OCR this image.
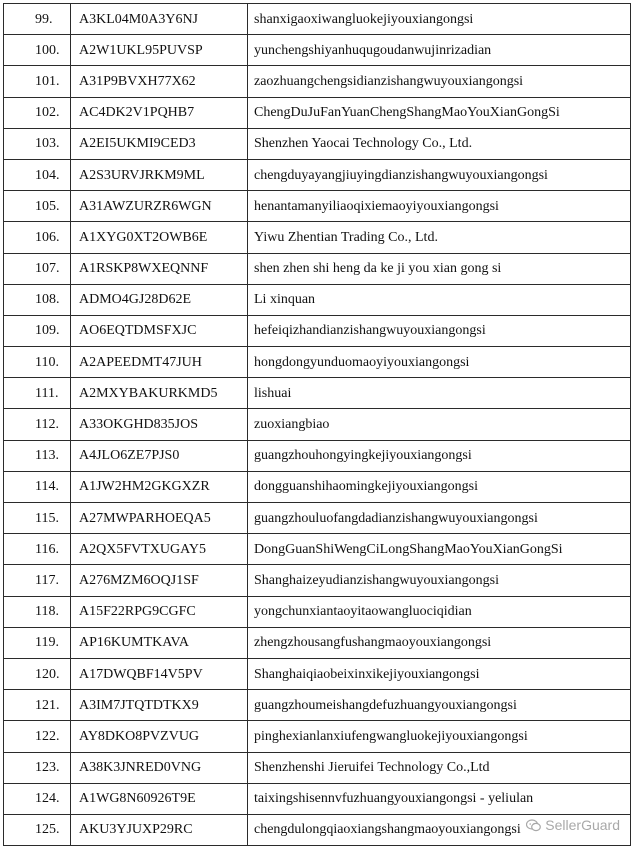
99.	A3KL04M0A3Y6NJ	shanxigaoxiwangluokejiyouxiangongsi
100.	A2W1UKL95PUVSP	yunchengshiyanhuqugoudanwujinrizadian
101.	A31P9BVXH77X62	zaozhuangchengsidianzishangwuyouxiangongsi
102.	AC4DK2V1PQHB7	ChengDuJuFanYuanChengShangMaoYouXianGongSi
103.	A2EI5UKMI9CED3	Shenzhen Yaocai Technology Co., Ltd.
104.	A2S3URVJRKM9ML	chengduyayangjiuyingdianzishangwuyouxiangongsi
105.	A31AWZURZR6WGN	henantamanyiliaoqixiemaoyiyouxiangongsi
106.	A1XYG0XT2OWB6E	Yiwu Zhentian Trading Co., Ltd.
107.	A1RSKP8WXEQNNF	shen zhen shi heng da ke ji you xian gong si
108.	ADMO4GJ28D62E	Li xinquan
109.	AO6EQTDMSFXJC	hefeiqizhandianzishangwuyouxiangongsi
110.	A2APEEDMT47JUH	hongdongyunduomaoyiyouxiangongsi
111.	A2MXYBAKURKMD5	lishuai
112.	A33OKGHD835JOS	zuoxiangbiao
113.	A4JLO6ZE7PJS0	guangzhouhongyingkejiyouxiangongsi
114.	A1JW2HM2GKGXZR	dongguanshihaomingkejiyouxiangongsi
115.	A27MWPARHOEQA5	guangzhouluofangdadianzishangwuyouxiangongsi
116.	A2QX5FVTXUGAY5	DongGuanShiWengCiLongShangMaoYouXianGongSi
117.	A276MZM6OQJ1SF	Shanghaizeyudianzishangwuyouxiangongsi
118.	A15F22RPG9CGFC	yongchunxiantaoyitaowangluociqidian
119.	AP16KUMTKAVA	zhengzhousangfushangmaoyouxiangongsi
120.	A17DWQBF14V5PV	Shanghaiqiaobeixinxikejiyouxiangongsi
121.	A3IM7JTQTDTKX9	guangzhoumeishangdefuzhuangyouxiangongsi
122.	AY8DKO8PVZVUG	pinghexianlanxiufengwangluokejiyouxiangongsi
123.	A38K3JNRED0VNG	Shenzhenshi Jieruifei Technology Co.,Ltd
124.	A1WG8N60926T9E	taixingshisennvfuzhuangyouxiangongsi - yeliulan
125.	AKU3YJUXP29RC	chengdulongqiaoxiangshangmaoyouxiangongsi SellerGuard
